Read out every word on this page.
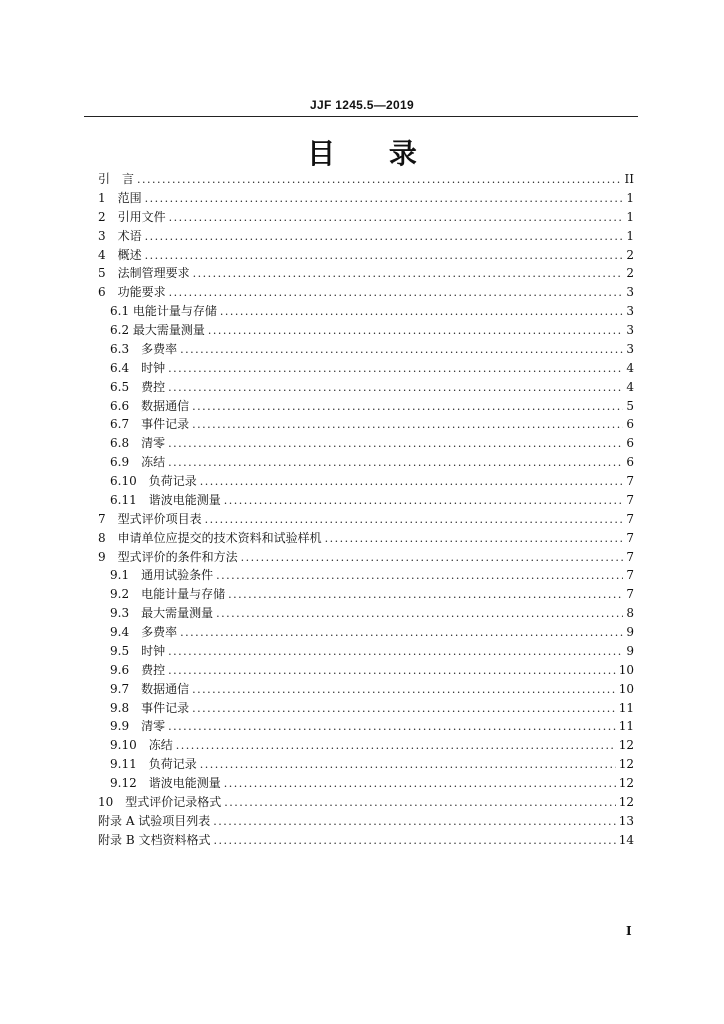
JJF 1245.5—2019
目 录
引　言 .....	II
1　范围 .....	1
2　引用文件 .....	1
3　术语 .....	1
4　概述 .....	2
5　法制管理要求 .....	2
6　功能要求 .....	3
6.1 电能计量与存储 .....	3
6.2 最大需量测量 .....	3
6.3　多费率 .....	3
6.4　时钟 .....	4
6.5　费控 .....	4
6.6　数据通信 .....	5
6.7　事件记录 .....	6
6.8　清零 .....	6
6.9　冻结 .....	6
6.10　负荷记录 .....	7
6.11　谐波电能测量 .....	7
7　型式评价项目表 .....	7
8　申请单位应提交的技术资料和试验样机 .....	7
9　型式评价的条件和方法 .....	7
9.1　通用试验条件 .....	7
9.2　电能计量与存储 .....	7
9.3　最大需量测量 .....	8
9.4　多费率 .....	9
9.5　时钟 .....	9
9.6　费控 .....	10
9.7　数据通信 .....	10
9.8　事件记录 .....	11
9.9　清零 .....	11
9.10　冻结 .....	12
9.11　负荷记录 .....	12
9.12　谐波电能测量 .....	12
10　型式评价记录格式 .....	12
附录 A 试验项目列表 .....	13
附录 B 文档资料格式 .....	14
I
